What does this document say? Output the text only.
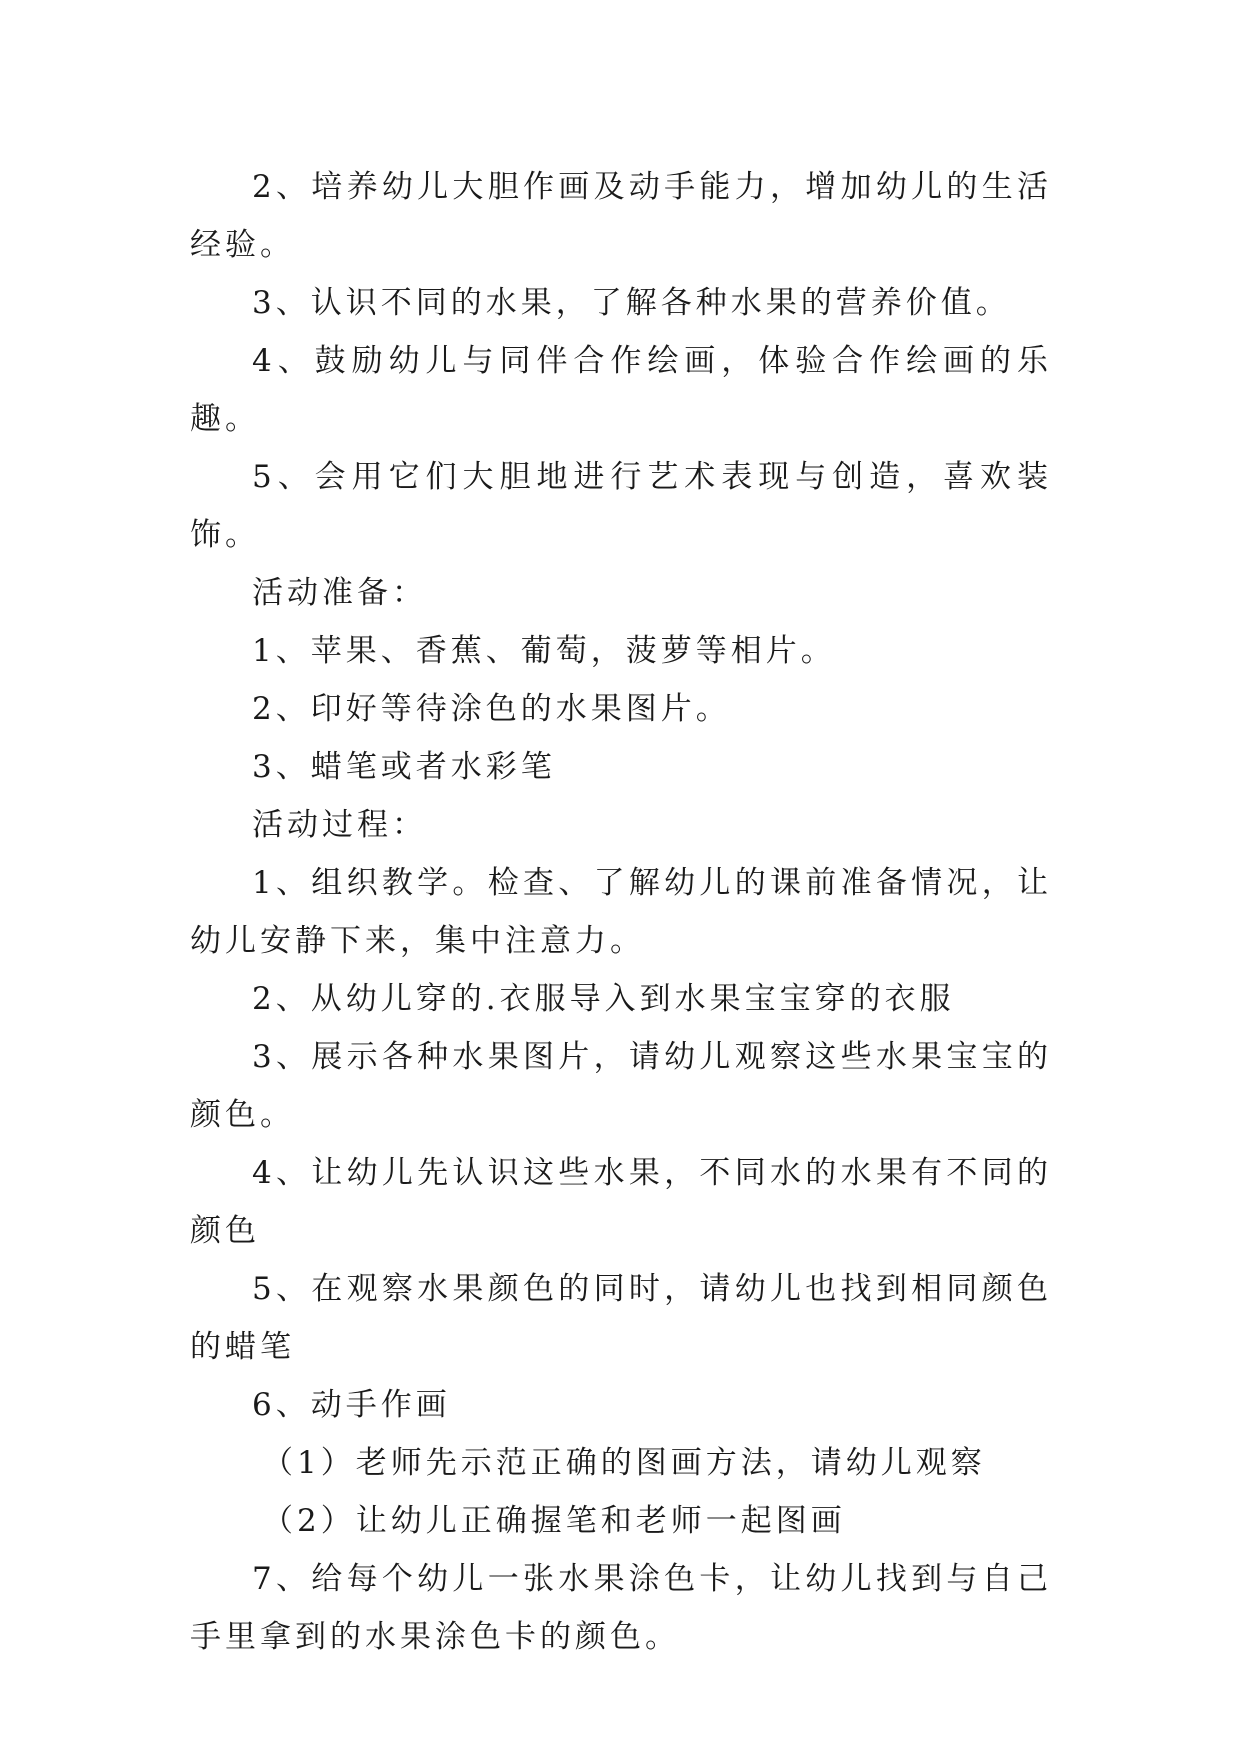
2、培养幼儿大胆作画及动手能力，增加幼儿的生活经验。

3、认识不同的水果，了解各种水果的营养价值。

4、鼓励幼儿与同伴合作绘画，体验合作绘画的乐趣。

5、会用它们大胆地进行艺术表现与创造，喜欢装饰。

活动准备：

1、苹果、香蕉、葡萄，菠萝等相片。

2、印好等待涂色的水果图片。

3、蜡笔或者水彩笔

活动过程：

1、组织教学。检查、了解幼儿的课前准备情况，让幼儿安静下来，集中注意力。

2、从幼儿穿的.衣服导入到水果宝宝穿的衣服

3、展示各种水果图片，请幼儿观察这些水果宝宝的颜色。

4、让幼儿先认识这些水果，不同水的水果有不同的颜色

5、在观察水果颜色的同时，请幼儿也找到相同颜色的蜡笔

6、动手作画

（1）老师先示范正确的图画方法，请幼儿观察

（2）让幼儿正确握笔和老师一起图画

7、给每个幼儿一张水果涂色卡，让幼儿找到与自己手里拿到的水果涂色卡的颜色。
